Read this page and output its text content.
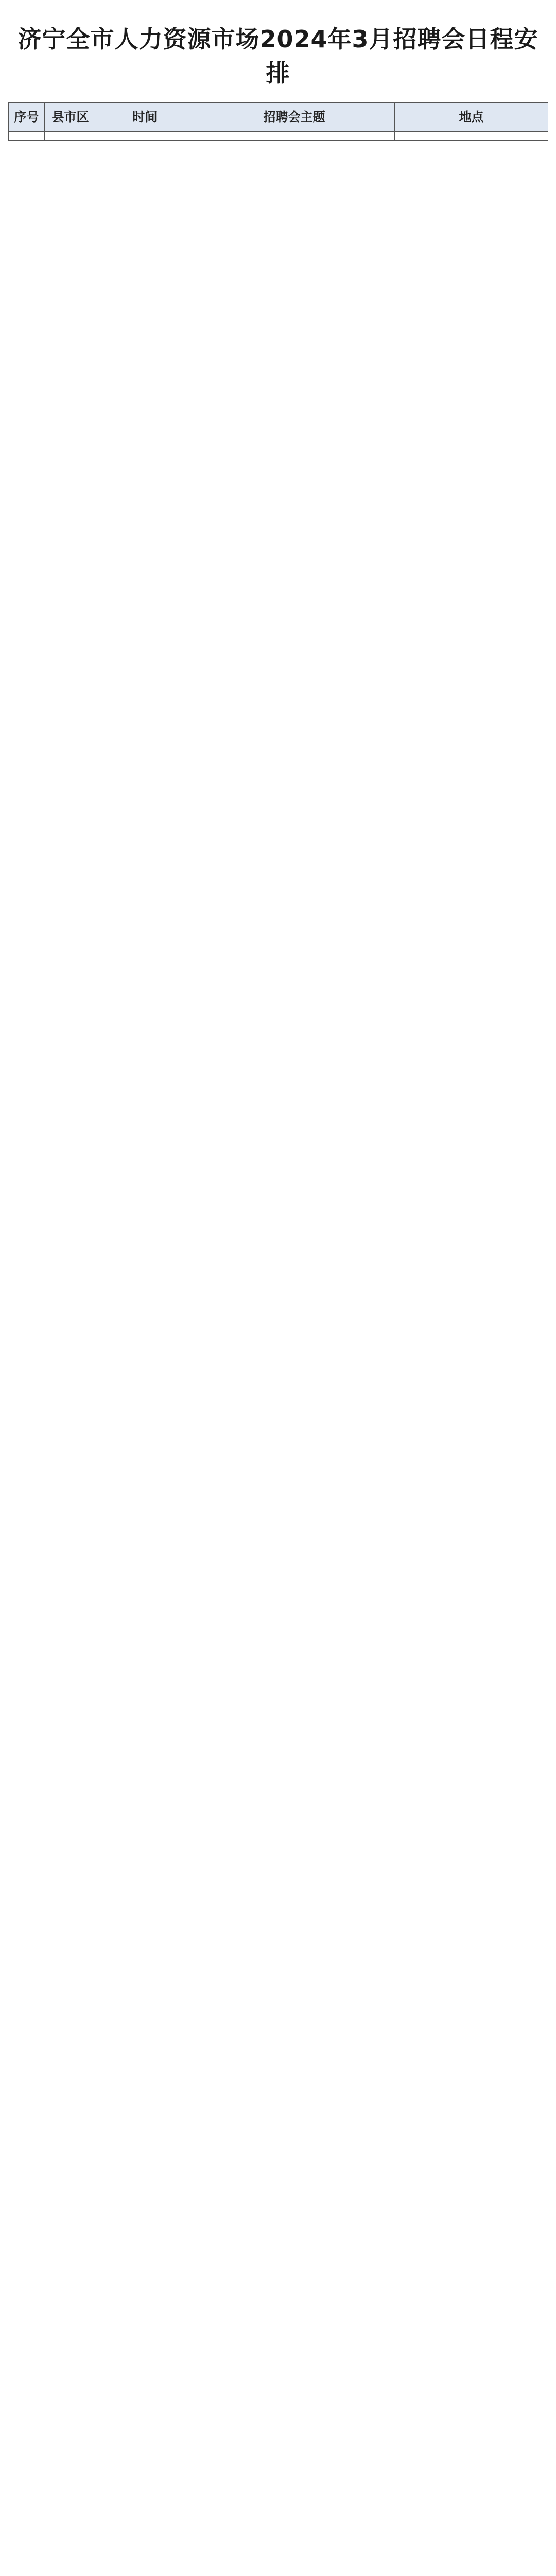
济宁全市人力资源市场2024年3月招聘会日程安排
序号	县市区	时间	招聘会主题	地点
